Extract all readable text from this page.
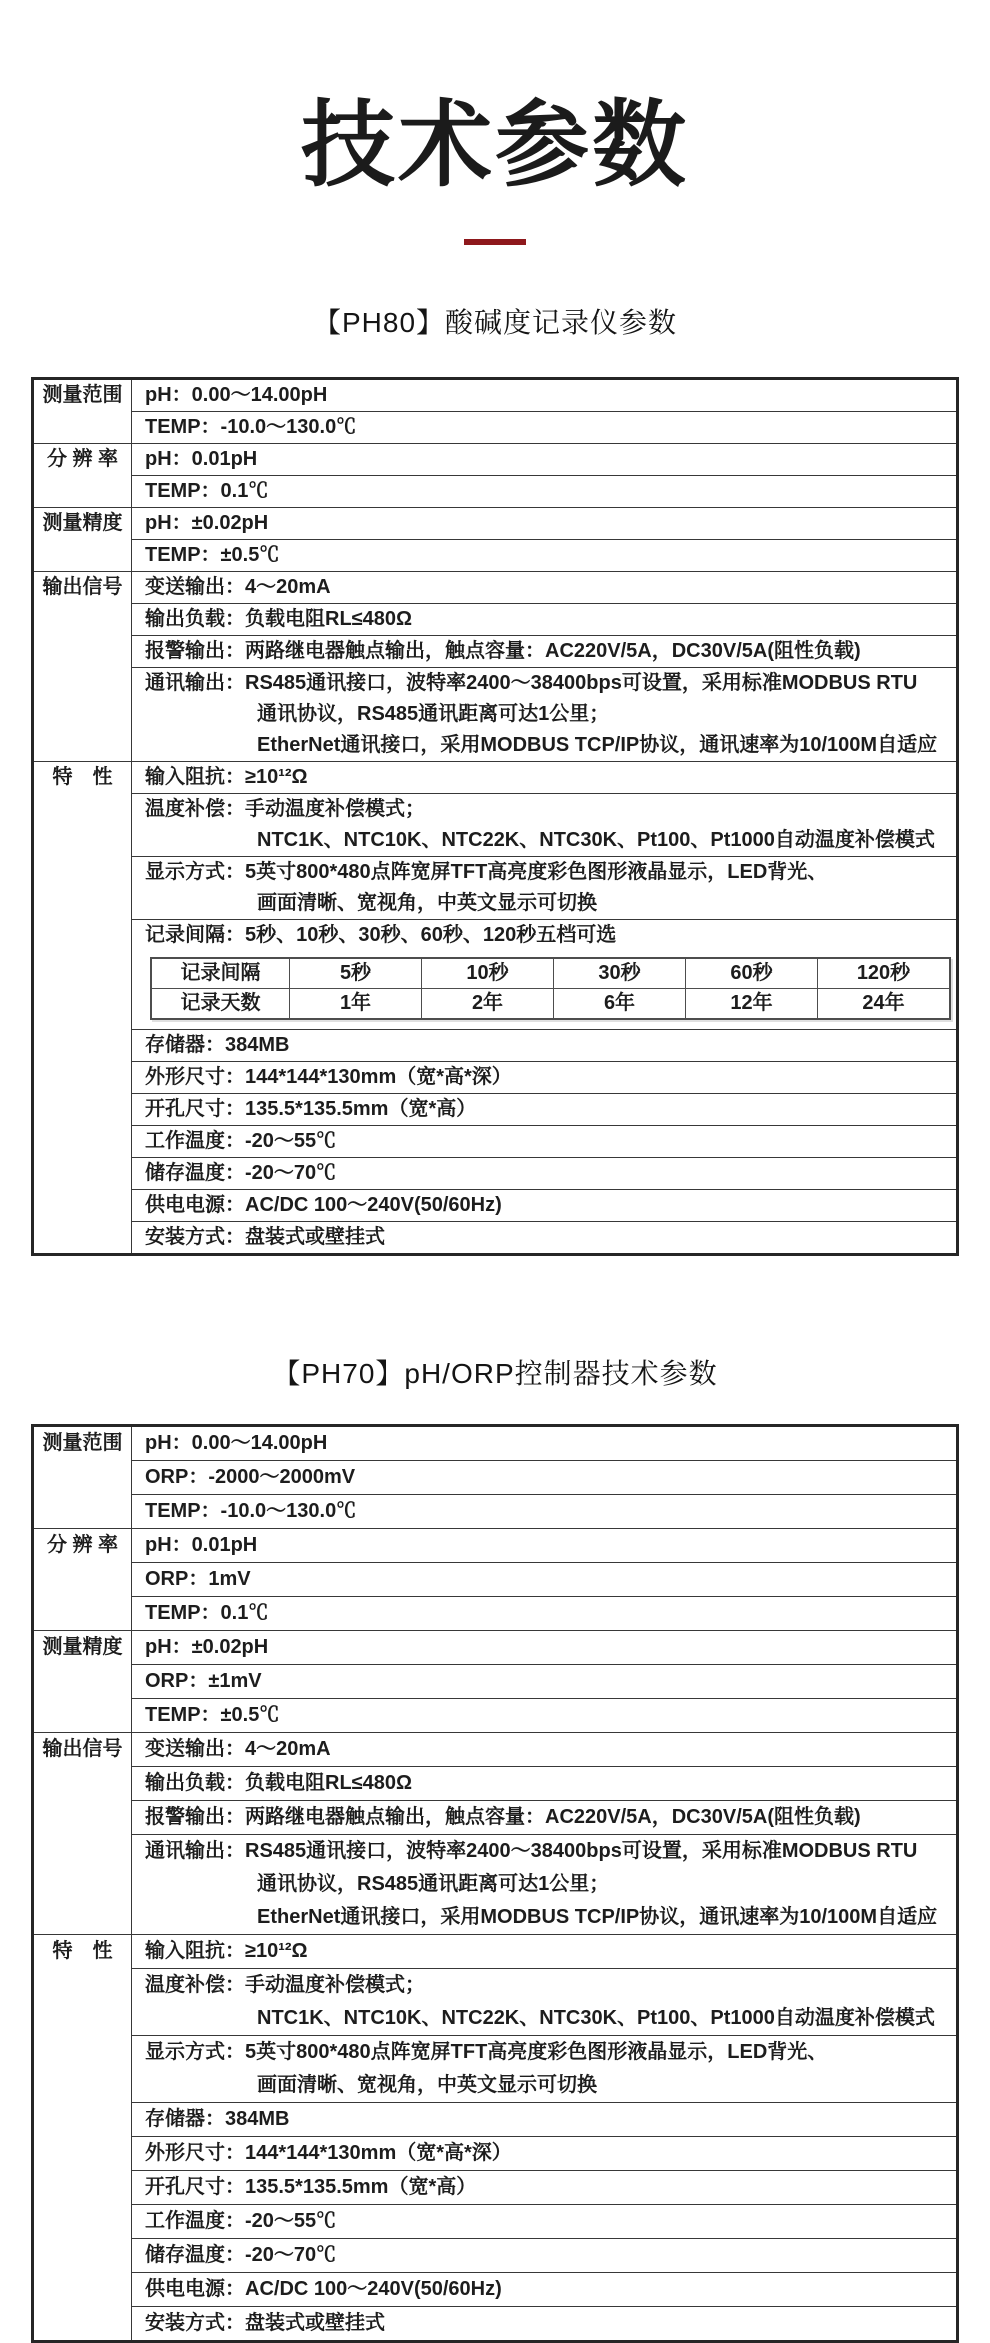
技术参数
【PH80】酸碱度记录仪参数
测量范围	pH：0.00～14.00pH

TEMP：-10.0～130.0℃

分 辨 率	pH：0.01pH

TEMP：0.1℃

测量精度	pH：±0.02pH

TEMP：±0.5℃

输出信号	变送输出：4～20mA

输出负载：负载电阻RL≤480Ω

报警输出：两路继电器触点输出，触点容量：AC220V/5A，DC30V/5A(阻性负载)

通讯输出：RS485通讯接口，波特率2400～38400bps可设置，采用标准MODBUS RTU
通讯协议，RS485通讯距离可达1公里；
EtherNet通讯接口，采用MODBUS TCP/IP协议，通讯速率为10/100M自适应

特　性	输入阻抗：≥10¹²Ω

温度补偿：手动温度补偿模式；
NTC1K、NTC10K、NTC22K、NTC30K、Pt100、Pt1000自动温度补偿模式

显示方式：5英寸800*480点阵宽屏TFT高亮度彩色图形液晶显示，LED背光、
画面清晰、宽视角，中英文显示可切换

记录间隔：5秒、10秒、30秒、60秒、120秒五档可选
记录间隔	5秒	10秒	30秒	60秒	120秒
记录天数	1年	2年	6年	12年	24年

存储器：384MB

外形尺寸：144*144*130mm（宽*高*深）

开孔尺寸：135.5*135.5mm（宽*高）

工作温度：-20～55℃

储存温度：-20～70℃

供电电源：AC/DC 100～240V(50/60Hz)

安装方式：盘装式或壁挂式
【PH70】pH/ORP控制器技术参数
测量范围	pH：0.00～14.00pH

	ORP：-2000～2000mV

	TEMP：-10.0～130.0℃

分 辨 率	pH：0.01pH

	ORP：1mV

	TEMP：0.1℃

测量精度	pH：±0.02pH

	ORP：±1mV

	TEMP：±0.5℃

输出信号	变送输出：4～20mA

	输出负载：负载电阻RL≤480Ω

	报警输出：两路继电器触点输出，触点容量：AC220V/5A，DC30V/5A(阻性负载)

	通讯输出：RS485通讯接口，波特率2400～38400bps可设置，采用标准MODBUS RTU
通讯协议，RS485通讯距离可达1公里；
EtherNet通讯接口，采用MODBUS TCP/IP协议，通讯速率为10/100M自适应

特　性	输入阻抗：≥10¹²Ω

	温度补偿：手动温度补偿模式；
NTC1K、NTC10K、NTC22K、NTC30K、Pt100、Pt1000自动温度补偿模式

	显示方式：5英寸800*480点阵宽屏TFT高亮度彩色图形液晶显示，LED背光、
画面清晰、宽视角，中英文显示可切换

	存储器：384MB

	外形尺寸：144*144*130mm（宽*高*深）

	开孔尺寸：135.5*135.5mm（宽*高）

	工作温度：-20～55℃

	储存温度：-20～70℃

	供电电源：AC/DC 100～240V(50/60Hz)

	安装方式：盘装式或壁挂式
